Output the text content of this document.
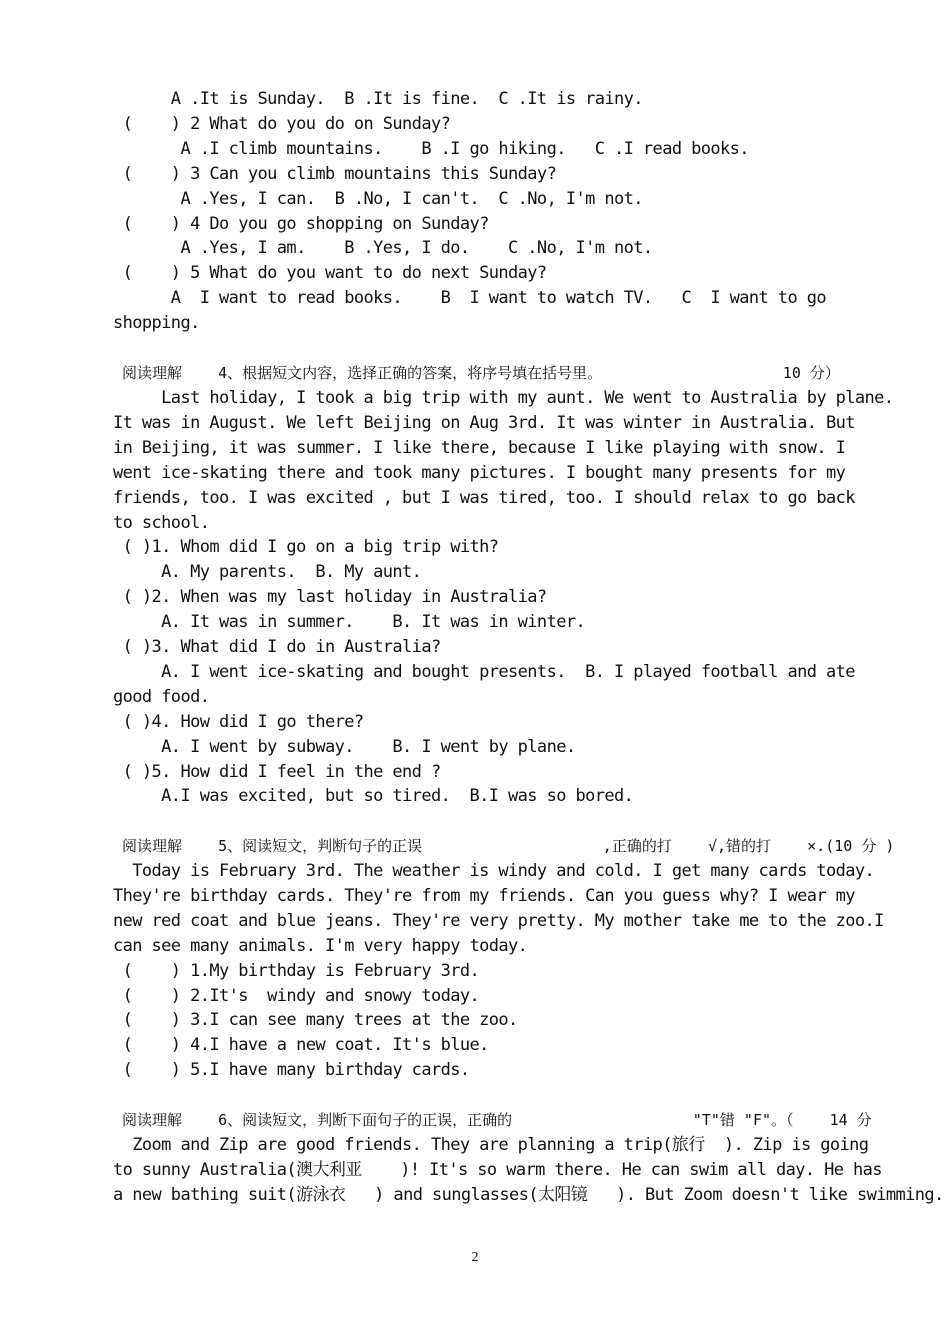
A .It is Sunday.  B .It is fine.  C .It is rainy.
(    ) 2 What do you do on Sunday?
A .I climb mountains.    B .I go hiking.   C .I read books.
(    ) 3 Can you climb mountains this Sunday?
A .Yes, I can.  B .No, I can't.  C .No, I'm not.
(    ) 4 Do you go shopping on Sunday?
A .Yes, I am.    B .Yes, I do.    C .No, I'm not.
(    ) 5 What do you want to do next Sunday?
A  I want to read books.    B  I want to watch TV.   C  I want to go
shopping.
阅读理解    4、根据短文内容，选择正确的答案，将序号填在括号里。                    10 分）
Last holiday, I took a big trip with my aunt. We went to Australia by plane.
It was in August. We left Beijing on Aug 3rd. It was winter in Australia. But
in Beijing, it was summer. I like there, because I like playing with snow. I
went ice-skating there and took many pictures. I bought many presents for my
friends, too. I was excited , but I was tired, too. I should relax to go back
to school.
( )1. Whom did I go on a big trip with?
A. My parents.  B. My aunt.
( )2. When was my last holiday in Australia?
A. It was in summer.    B. It was in winter.
( )3. What did I do in Australia?
A. I went ice-skating and bought presents.  B. I played football and ate
good food.
( )4. How did I go there?
A. I went by subway.    B. I went by plane.
( )5. How did I feel in the end ?
A.I was excited, but so tired.  B.I was so bored.
阅读理解    5、阅读短文，判断句子的正误                    ,正确的打    √,错的打    ×.(10 分 )
Today is February 3rd. The weather is windy and cold. I get many cards today.
They're birthday cards. They're from my friends. Can you guess why? I wear my
new red coat and blue jeans. They're very pretty. My mother take me to the zoo.I
can see many animals. I'm very happy today.
(    ) 1.My birthday is February 3rd.
(    ) 2.It's  windy and snowy today.
(    ) 3.I can see many trees at the zoo.
(    ) 4.I have a new coat. It's blue.
(    ) 5.I have many birthday cards.
阅读理解    6、阅读短文，判断下面句子的正误，正确的                    "T"错 "F"。（    14 分
Zoom and Zip are good friends. They are planning a trip(旅行  ). Zip is going
to sunny Australia(澳大利亚    )! It's so warm there. He can swim all day. He has
a new bathing suit(游泳衣   ) and sunglasses(太阳镜   ). But Zoom doesn't like swimming.
2
